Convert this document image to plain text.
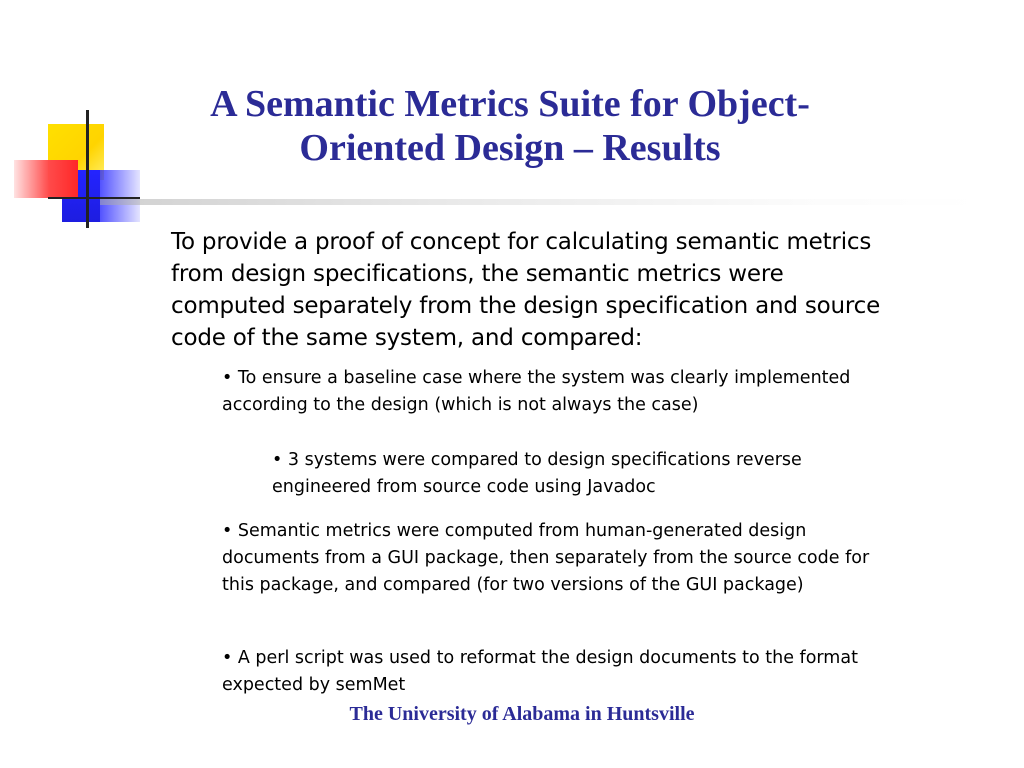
A Semantic Metrics Suite for Object-
Oriented Design – Results

To provide a proof of concept for calculating semantic metrics from design specifications, the semantic metrics were computed separately from the design specification and source code of the same system, and compared:

• To ensure a baseline case where the system was clearly implemented according to the design (which is not always the case)

• 3 systems were compared to design specifications reverse engineered from source code using Javadoc

• Semantic metrics were computed from human-generated design documents from a GUI package, then separately from the source code for this package, and compared (for two versions of the GUI package)

• A perl script was used to reformat the design documents to the format expected by semMet

The University of Alabama in Huntsville
